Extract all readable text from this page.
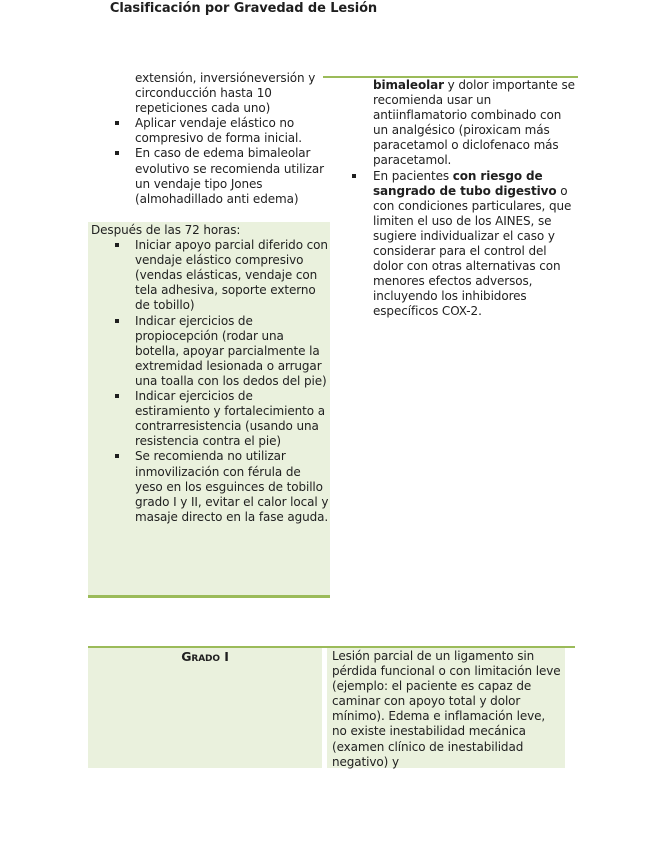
extensión, inversióneversión y circonducción hasta 10 repeticiones cada uno)

Aplicar vendaje elástico no compresivo de forma inicial.
En caso de edema bimaleolar evolutivo se recomienda utilizar un vendaje tipo Jones (almohadillado anti edema)

Después de las 72 horas:

Iniciar apoyo parcial diferido con vendaje elástico compresivo (vendas elásticas, vendaje con tela adhesiva, soporte externo de tobillo)
Indicar ejercicios de propiocepción (rodar una botella, apoyar parcialmente la extremidad lesionada o arrugar una toalla con los dedos del pie)
Indicar ejercicios de estiramiento y fortalecimiento a contrarresistencia (usando una resistencia contra el pie)
Se recomienda no utilizar inmovilización con férula de yeso en los esguinces de tobillo grado I y II, evitar el calor local y masaje directo en la fase aguda.

bimaleolar y dolor importante se recomienda usar un antiinflamatorio combinado con un analgésico (piroxicam más paracetamol o diclofenaco más paracetamol.

En pacientes con riesgo de sangrado de tubo digestivo o con condiciones particulares, que limiten el uso de los AINES, se sugiere individualizar el caso y considerar para el control del dolor con otras alternativas con menores efectos adversos, incluyendo los inhibidores específicos COX-2.
Clasificación por Gravedad de Lesión
Grado I	Lesión parcial de un ligamento sin pérdida funcional o con limitación leve (ejemplo: el paciente es capaz de caminar con apoyo total y dolor mínimo). Edema e inflamación leve, no existe inestabilidad mecánica (examen clínico de inestabilidad negativo) y
